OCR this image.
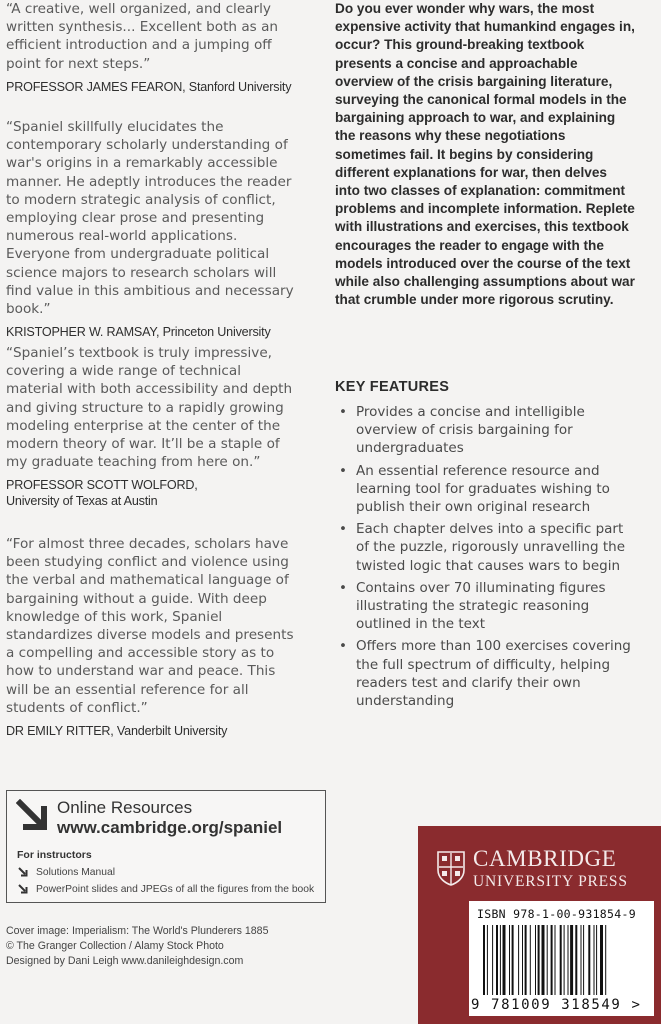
“A creative, well organized, and clearly written synthesis... Excellent both as an efficient introduction and a jumping off point for next steps.”

PROFESSOR JAMES FEARON, Stanford University

“Spaniel skillfully elucidates the contemporary scholarly understanding of war's origins in a remarkably accessible manner. He adeptly introduces the reader to modern strategic analysis of conflict, employing clear prose and presenting numerous real-world applications. Everyone from undergraduate political science majors to research scholars will find value in this ambitious and necessary book.”

KRISTOPHER W. RAMSAY, Princeton University

“Spaniel’s textbook is truly impressive, covering a wide range of technical material with both accessibility and depth and giving structure to a rapidly growing modeling enterprise at the center of the modern theory of war. It’ll be a staple of my graduate teaching from here on.”

PROFESSOR SCOTT WOLFORD,
University of Texas at Austin

“For almost three decades, scholars have been studying conflict and violence using the verbal and mathematical language of bargaining without a guide. With deep knowledge of this work, Spaniel standardizes diverse models and presents a compelling and accessible story as to how to understand war and peace. This will be an essential reference for all students of conflict.”

DR EMILY RITTER, Vanderbilt University

Do you ever wonder why wars, the most expensive activity that humankind engages in, occur? This ground-breaking textbook presents a concise and approachable overview of the crisis bargaining literature, surveying the canonical formal models in the bargaining approach to war, and explaining the reasons why these negotiations sometimes fail. It begins by considering different explanations for war, then delves into two classes of explanation: commitment problems and incomplete information. Replete with illustrations and exercises, this textbook encourages the reader to engage with the models introduced over the course of the text while also challenging assumptions about war that crumble under more rigorous scrutiny.

KEY FEATURES
• Provides a concise and intelligible overview of crisis bargaining for undergraduates
• An essential reference resource and learning tool for graduates wishing to publish their own original research
• Each chapter delves into a specific part of the puzzle, rigorously unravelling the twisted logic that causes wars to begin
• Contains over 70 illuminating figures illustrating the strategic reasoning outlined in the text
• Offers more than 100 exercises covering the full spectrum of difficulty, helping readers test and clarify their own understanding
Online Resources
www.cambridge.org/spaniel
For instructors
Solutions Manual
PowerPoint slides and JPEGs of all the figures from the book

Cover image: Imperialism: The World's Plunderers 1885

© The Granger Collection / Alamy Stock Photo

Designed by Dani Leigh www.danileighdesign.com

CAMBRIDGE
UNIVERSITY PRESS
ISBN 978-1-00-931854-9
9 781009 318549 >
